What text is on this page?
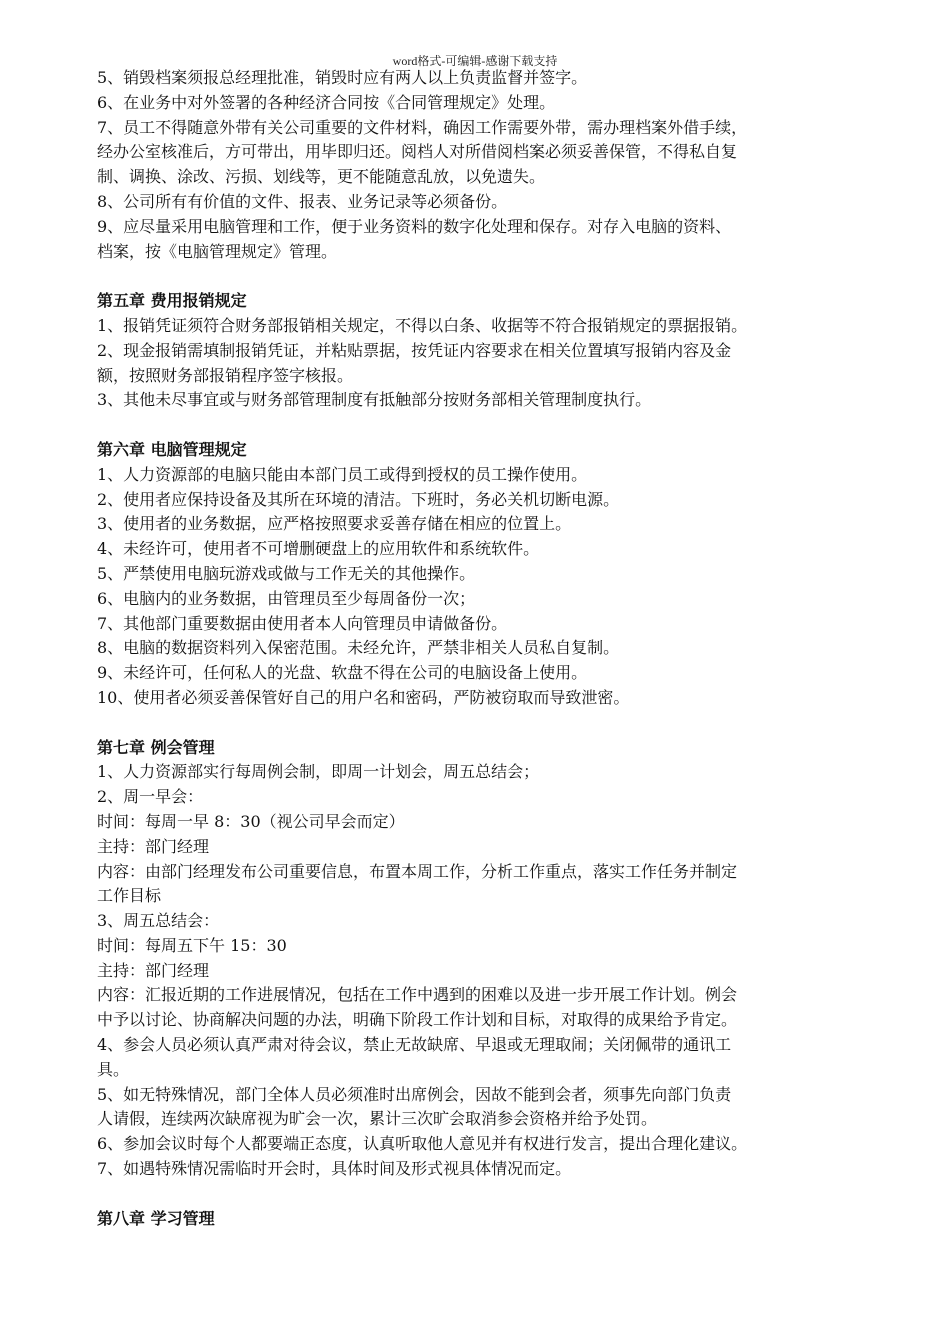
word格式-可编辑-感谢下载支持
5、销毁档案须报总经理批准，销毁时应有两人以上负责监督并签字。
6、在业务中对外签署的各种经济合同按《合同管理规定》处理。
7、员工不得随意外带有关公司重要的文件材料，确因工作需要外带，需办理档案外借手续，
经办公室核准后，方可带出，用毕即归还。阅档人对所借阅档案必须妥善保管，不得私自复
制、调换、涂改、污损、划线等，更不能随意乱放，以免遗失。
8、公司所有有价值的文件、报表、业务记录等必须备份。
9、应尽量采用电脑管理和工作，便于业务资料的数字化处理和保存。对存入电脑的资料、
档案，按《电脑管理规定》管理。
第五章 费用报销规定
1、报销凭证须符合财务部报销相关规定，不得以白条、收据等不符合报销规定的票据报销。
2、现金报销需填制报销凭证，并粘贴票据，按凭证内容要求在相关位置填写报销内容及金
额，按照财务部报销程序签字核报。
3、其他未尽事宜或与财务部管理制度有抵触部分按财务部相关管理制度执行。
第六章 电脑管理规定
1、人力资源部的电脑只能由本部门员工或得到授权的员工操作使用。
2、使用者应保持设备及其所在环境的清洁。下班时，务必关机切断电源。
3、使用者的业务数据，应严格按照要求妥善存储在相应的位置上。
4、未经许可，使用者不可增删硬盘上的应用软件和系统软件。
5、严禁使用电脑玩游戏或做与工作无关的其他操作。
6、电脑内的业务数据，由管理员至少每周备份一次；
7、其他部门重要数据由使用者本人向管理员申请做备份。
8、电脑的数据资料列入保密范围。未经允许，严禁非相关人员私自复制。
9、未经许可，任何私人的光盘、软盘不得在公司的电脑设备上使用。
10、使用者必须妥善保管好自己的用户名和密码，严防被窃取而导致泄密。
第七章 例会管理
1、人力资源部实行每周例会制，即周一计划会，周五总结会；
2、周一早会：
时间：每周一早 8：30（视公司早会而定）
主持：部门经理
内容：由部门经理发布公司重要信息，布置本周工作，分析工作重点，落实工作任务并制定
工作目标
3、周五总结会：
时间：每周五下午 15：30
主持：部门经理
内容：汇报近期的工作进展情况，包括在工作中遇到的困难以及进一步开展工作计划。例会
中予以讨论、协商解决问题的办法，明确下阶段工作计划和目标，对取得的成果给予肯定。
4、参会人员必须认真严肃对待会议，禁止无故缺席、早退或无理取闹；关闭佩带的通讯工
具。
5、如无特殊情况，部门全体人员必须准时出席例会，因故不能到会者，须事先向部门负责
人请假，连续两次缺席视为旷会一次，累计三次旷会取消参会资格并给予处罚。
6、参加会议时每个人都要端正态度，认真听取他人意见并有权进行发言，提出合理化建议。
7、如遇特殊情况需临时开会时，具体时间及形式视具体情况而定。
第八章 学习管理
